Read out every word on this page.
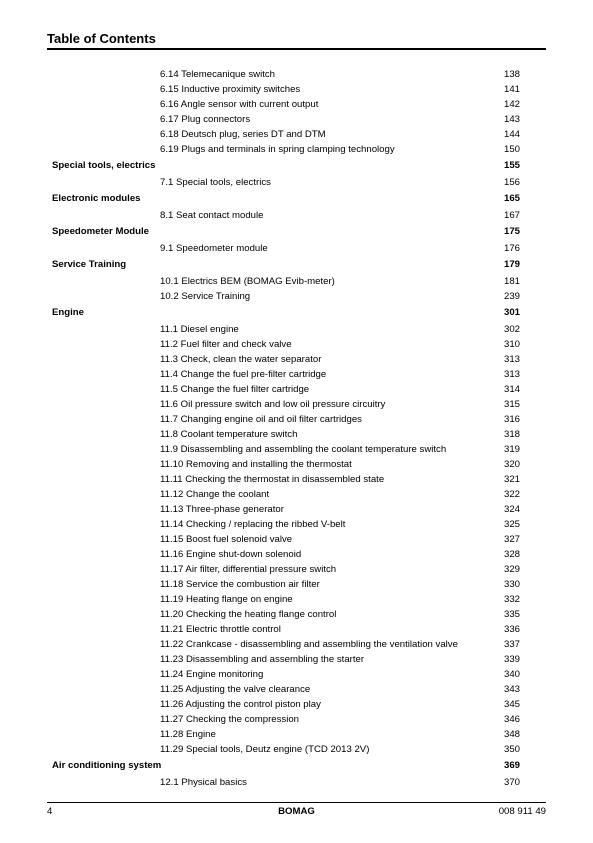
Table of Contents
6.14 Telemecanique switch	138
6.15 Inductive proximity switches	141
6.16 Angle sensor with current output	142
6.17 Plug connectors	143
6.18 Deutsch plug, series DT and DTM	144
6.19 Plugs and terminals in spring clamping technology	150
Special tools, electrics	155
7.1 Special tools, electrics	156
Electronic modules	165
8.1 Seat contact module	167
Speedometer Module	175
9.1 Speedometer module	176
Service Training	179
10.1 Electrics BEM (BOMAG Evib-meter)	181
10.2 Service Training	239
Engine	301
11.1 Diesel engine	302
11.2 Fuel filter and check valve	310
11.3 Check, clean the water separator	313
11.4 Change the fuel pre-filter cartridge	313
11.5 Change the fuel filter cartridge	314
11.6 Oil pressure switch and low oil pressure circuitry	315
11.7 Changing engine oil and oil filter cartridges	316
11.8 Coolant temperature switch	318
11.9 Disassembling and assembling the coolant temperature switch	319
11.10 Removing and installing the thermostat	320
11.11 Checking the thermostat in disassembled state	321
11.12 Change the coolant	322
11.13 Three-phase generator	324
11.14 Checking / replacing the ribbed V-belt	325
11.15 Boost fuel solenoid valve	327
11.16 Engine shut-down solenoid	328
11.17 Air filter, differential pressure switch	329
11.18 Service the combustion air filter	330
11.19 Heating flange on engine	332
11.20 Checking the heating flange control	335
11.21 Electric throttle control	336
11.22 Crankcase - disassembling and assembling the ventilation valve	337
11.23 Disassembling and assembling the starter	339
11.24 Engine monitoring	340
11.25 Adjusting the valve clearance	343
11.26 Adjusting the control piston play	345
11.27 Checking the compression	346
11.28 Engine	348
11.29 Special tools, Deutz engine (TCD 2013 2V)	350
Air conditioning system	369
12.1 Physical basics	370
4	BOMAG	008 911 49
